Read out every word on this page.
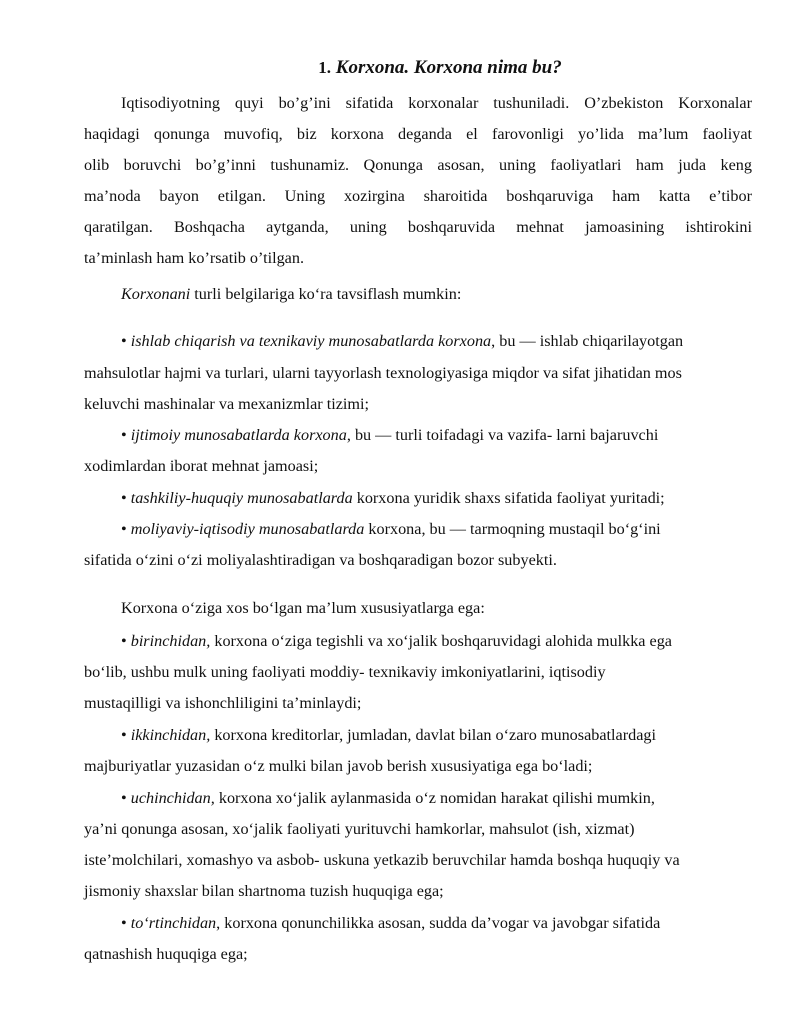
1. Korxona. Korxona nima bu?
Iqtisodiyotning quyi bo’g’ini sifatida korxonalar tushuniladi. O’zbekiston Korxonalar
haqidagi qonunga muvofiq, biz korxona deganda el farovonligi yo’lida ma’lum faoliyat
olib boruvchi bo’g’inni tushunamiz. Qonunga asosan, uning faoliyatlari ham juda keng
ma’noda bayon etilgan. Uning xozirgina sharoitida boshqaruviga ham katta e’tibor
qaratilgan. Boshqacha aytganda, uning boshqaruvida mehnat jamoasining ishtirokini
ta’minlash ham ko’rsatib o’tilgan.
Korxonani turli belgilariga ko‘ra tavsiflash mumkin:
• ishlab chiqarish va texnikaviy munosabatlarda korxona, bu — ishlab chiqarilayotgan
mahsulotlar hajmi va turlari, ularni tayyorlash texnologiyasiga miqdor va sifat jihatidan mos
keluvchi mashinalar va mexanizmlar tizimi;
• ijtimoiy munosabatlarda korxona, bu — turli toifadagi va vazifa- larni bajaruvchi
xodimlardan iborat mehnat jamoasi;
• tashkiliy-huquqiy munosabatlarda korxona yuridik shaxs sifatida faoliyat yuritadi;
• moliyaviy-iqtisodiy munosabatlarda korxona, bu — tarmoqning mustaqil bo‘g‘ini
sifatida o‘zini o‘zi moliyalashtiradigan va boshqaradigan bozor subyekti.
Korxona o‘ziga xos bo‘lgan ma’lum xususiyatlarga ega:
• birinchidan, korxona o‘ziga tegishli va xo‘jalik boshqaruvidagi alohida mulkka ega
bo‘lib, ushbu mulk uning faoliyati moddiy- texnikaviy imkoniyatlarini, iqtisodiy
mustaqilligi va ishonchliligini ta’minlaydi;
• ikkinchidan, korxona kreditorlar, jumladan, davlat bilan o‘zaro munosabatlardagi
majburiyatlar yuzasidan o‘z mulki bilan javob berish xususiyatiga ega bo‘ladi;
• uchinchidan, korxona xo‘jalik aylanmasida o‘z nomidan harakat qilishi mumkin,
ya’ni qonunga asosan, xo‘jalik faoliyati yurituvchi hamkorlar, mahsulot (ish, xizmat)
iste’molchilari, xomashyo va asbob- uskuna yetkazib beruvchilar hamda boshqa huquqiy va
jismoniy shaxslar bilan shartnoma tuzish huquqiga ega;
• to‘rtinchidan, korxona qonunchilikka asosan, sudda da’vogar va javobgar sifatida
qatnashish huquqiga ega;
